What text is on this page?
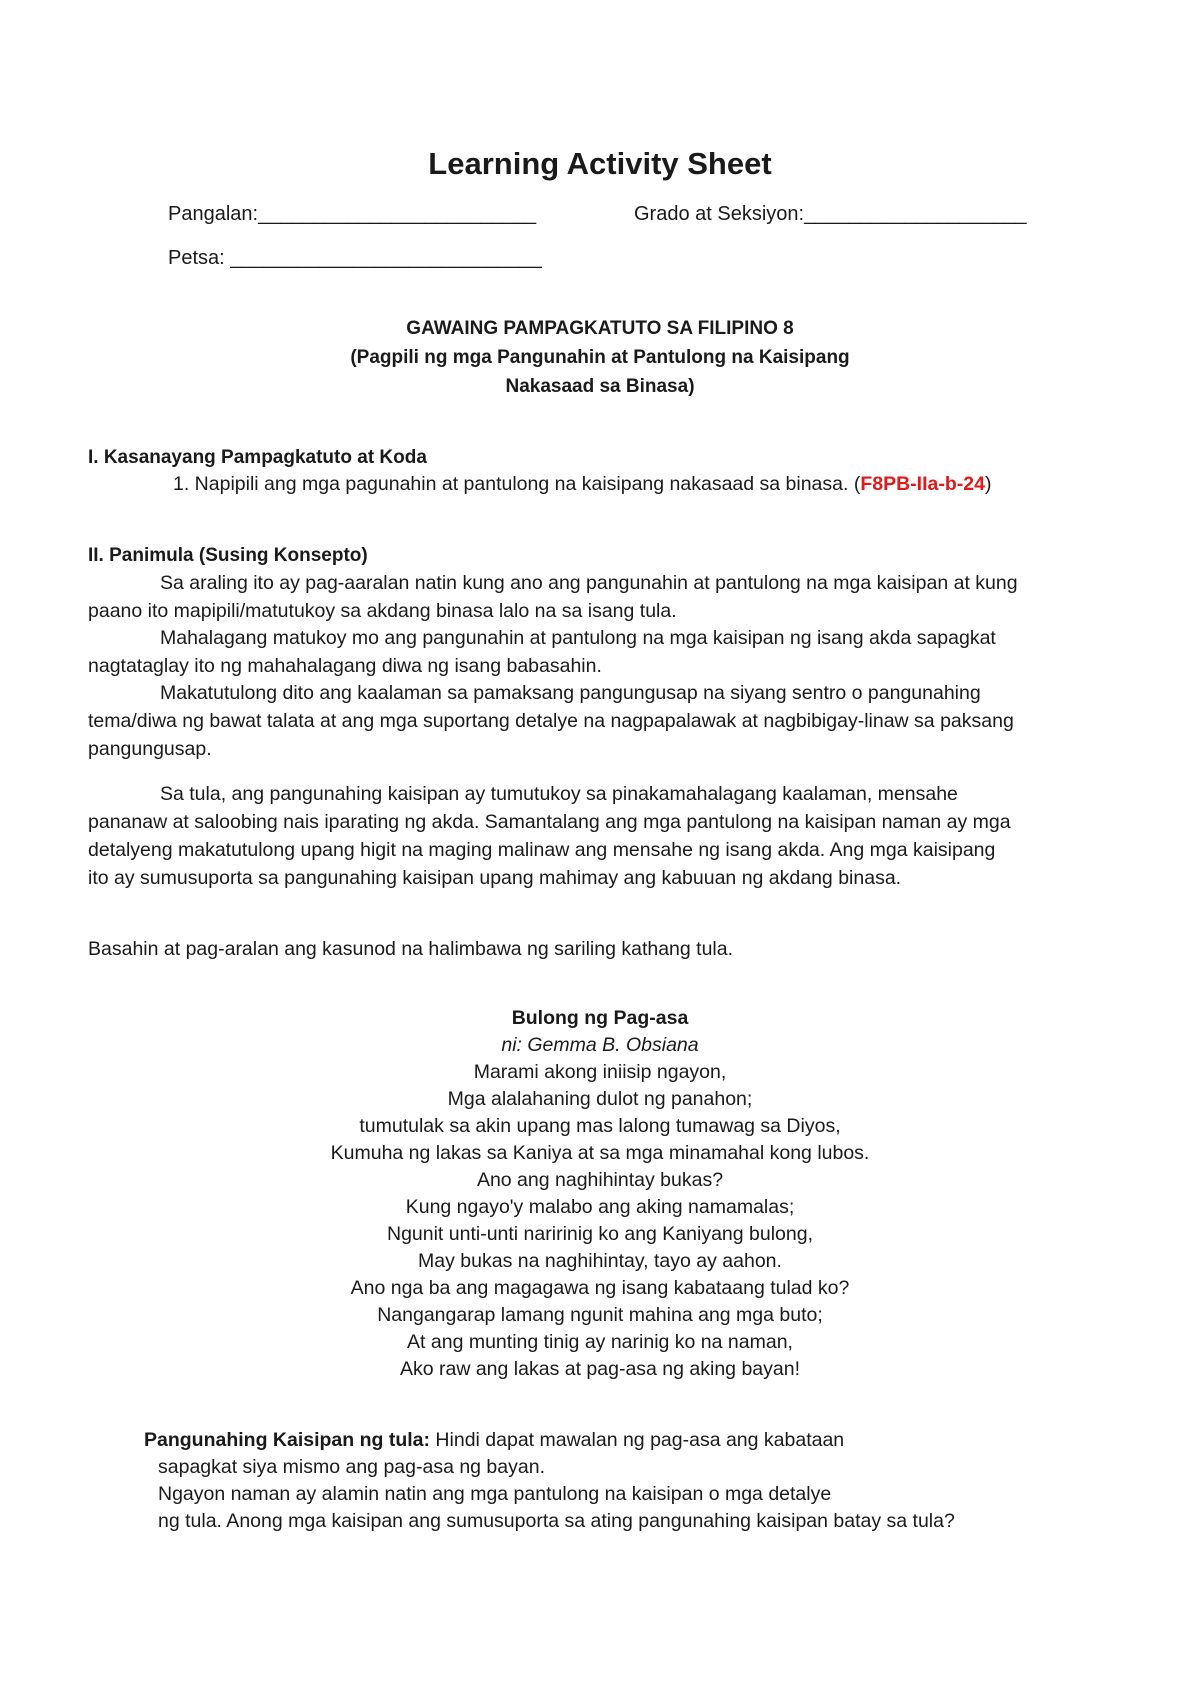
Learning Activity Sheet
Pangalan:_________________________	Grado at Seksiyon:____________________
Petsa: ____________________________
GAWAING PAMPAGKATUTO SA FILIPINO 8
(Pagpili ng mga Pangunahin at Pantulong na Kaisipang
Nakasaad sa Binasa)
I. Kasanayang Pampagkatuto at Koda
1. Napipili ang mga pagunahin at pantulong na kaisipang nakasaad sa binasa. (F8PB-IIa-b-24)
II. Panimula (Susing Konsepto)
Sa araling ito ay pag-aaralan natin kung ano ang pangunahin at pantulong na mga kaisipan at kung
paano ito mapipili/matutukoy sa akdang binasa lalo na sa isang tula.
Mahalagang matukoy mo ang pangunahin at pantulong na mga kaisipan ng isang akda sapagkat
nagtataglay ito ng mahahalagang diwa ng isang babasahin.
Makatutulong dito ang kaalaman sa pamaksang pangungusap na siyang sentro o pangunahing
tema/diwa ng bawat talata at ang mga suportang detalye na nagpapalawak at nagbibigay-linaw sa paksang
pangungusap.
Sa tula, ang pangunahing kaisipan ay tumutukoy sa pinakamahalagang kaalaman, mensahe
pananaw at saloobing nais iparating ng akda. Samantalang ang mga pantulong na kaisipan naman ay mga
detalyeng makatutulong upang higit na maging malinaw ang mensahe ng isang akda. Ang mga kaisipang
ito ay sumusuporta sa pangunahing kaisipan upang mahimay ang kabuuan ng akdang binasa.
Basahin at pag-aralan ang kasunod na halimbawa ng sariling kathang tula.
Bulong ng Pag-asa
ni: Gemma B. Obsiana
Marami akong iniisip ngayon,
Mga alalahaning dulot ng panahon;
tumutulak sa akin upang mas lalong tumawag sa Diyos,
Kumuha ng lakas sa Kaniya at sa mga minamahal kong lubos.
Ano ang naghihintay bukas?
Kung ngayo'y malabo ang aking namamalas;
Ngunit unti-unti naririnig ko ang Kaniyang bulong,
May bukas na naghihintay, tayo ay aahon.
Ano nga ba ang magagawa ng isang kabataang tulad ko?
Nangangarap lamang ngunit mahina ang mga buto;
At ang munting tinig ay narinig ko na naman,
Ako raw ang lakas at pag-asa ng aking bayan!
Pangunahing Kaisipan ng tula: Hindi dapat mawalan ng pag-asa ang kabataan
sapagkat siya mismo ang pag-asa ng bayan.
Ngayon naman ay alamin natin ang mga pantulong na kaisipan o mga detalye
ng tula. Anong mga kaisipan ang sumusuporta sa ating pangunahing kaisipan batay sa tula?
